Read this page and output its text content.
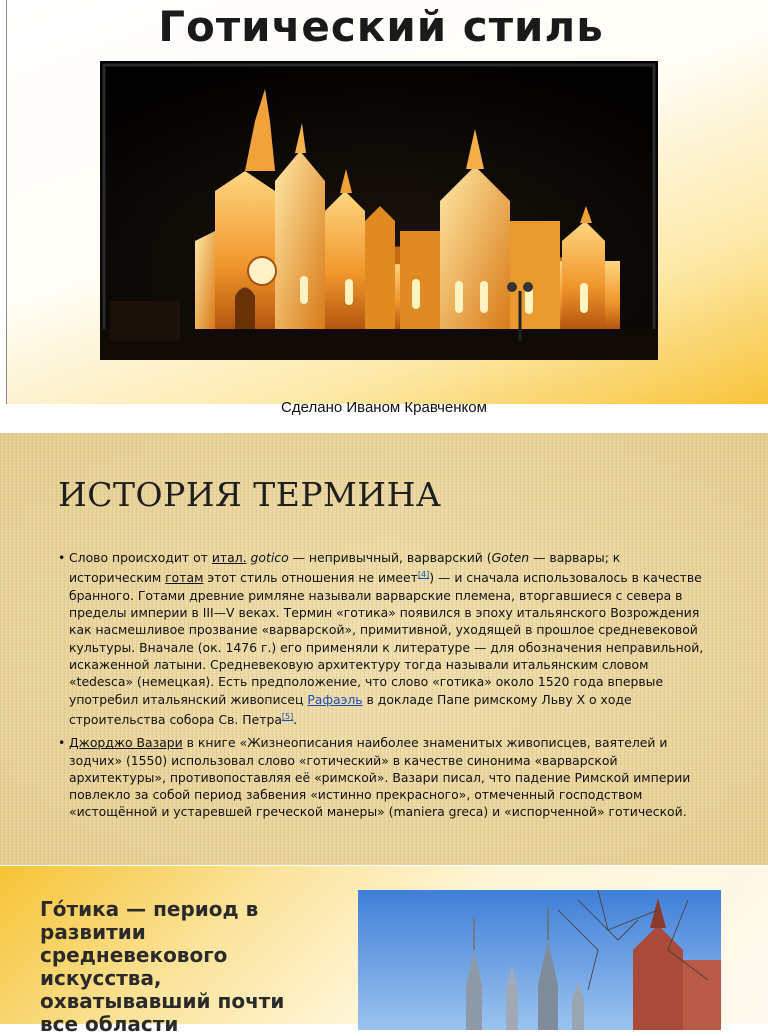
Готический стиль
Сделано Иваном Кравченком
ИСТОРИЯ ТЕРМИНА
• Слово происходит от итал. gotico — непривычный, варварский (Goten — варвары; к историческим готам этот стиль отношения не имеет[4]) — и сначала использовалось в качестве бранного. Готами древние римляне называли варварские племена, вторгавшиеся с севера в пределы империи в III—V веках. Термин «готика» появился в эпоху итальянского Возрождения как насмешливое прозвание «варварской», примитивной, уходящей в прошлое средневековой культуры. Вначале (ок. 1476 г.) его применяли к литературе — для обозначения неправильной, искаженной латыни. Средневековую архитектуру тогда называли итальянским словом «tedesca» (немецкая). Есть предположение, что слово «готика» около 1520 года впервые употребил итальянский живописец Рафаэль в докладе Папе римскому Льву X о ходе строительства собора Св. Петра[5].
• Джорджо Вазари в книге «Жизнеописания наиболее знаменитых живописцев, ваятелей и зодчих» (1550) использовал слово «готический» в качестве синонима «варварской архитектуры», противопоставляя её «римской». Вазари писал, что падение Римской империи повлекло за собой период забвения «истинно прекрасного», отмеченный господством «истощённой и устаревшей греческой манеры» (maniera greca) и «испорченной» готической.
Го́тика — период в развитии средневекового искусства, охватывавший почти все области
